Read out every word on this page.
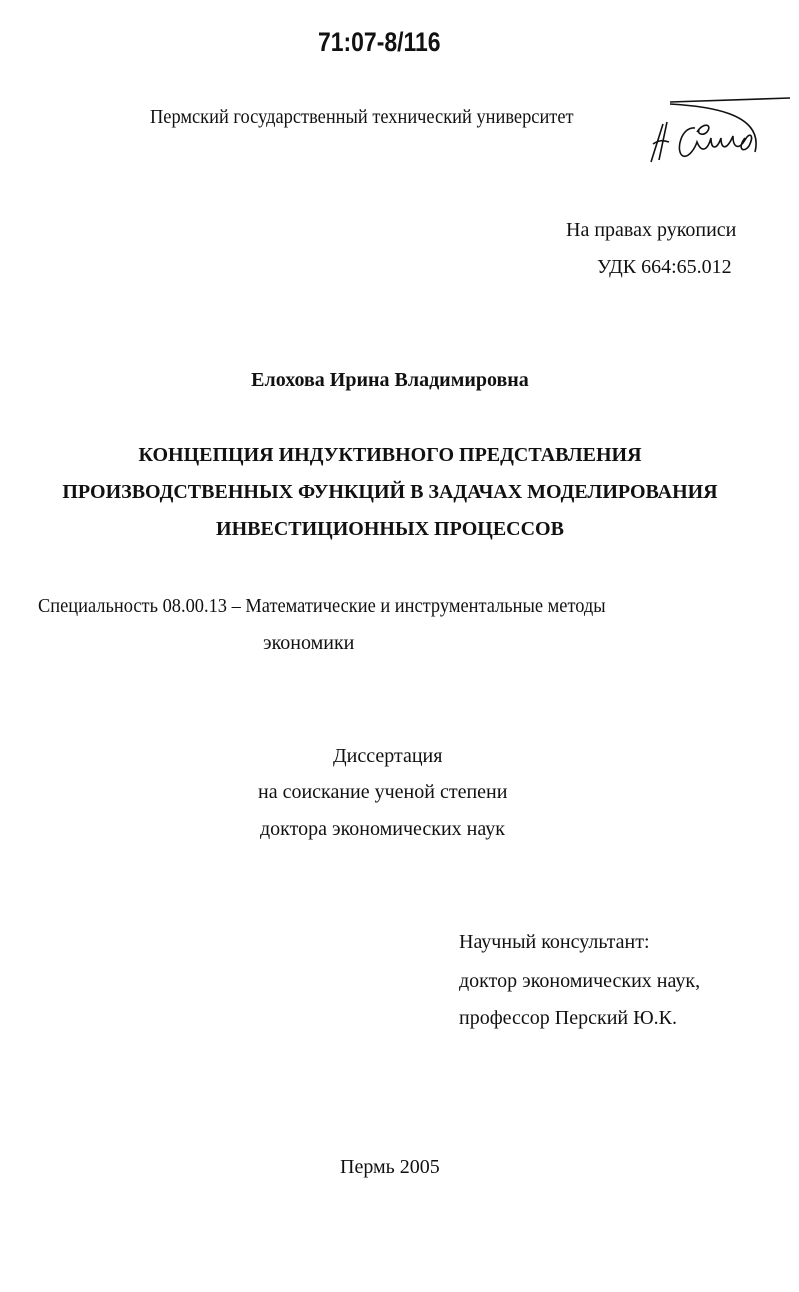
71:07-8/116
Пермский государственный технический университет
На правах рукописи
УДК 664:65.012
Елохова Ирина Владимировна
КОНЦЕПЦИЯ ИНДУКТИВНОГО ПРЕДСТАВЛЕНИЯ
ПРОИЗВОДСТВЕННЫХ ФУНКЦИЙ В ЗАДАЧАХ МОДЕЛИРОВАНИЯ
ИНВЕСТИЦИОННЫХ ПРОЦЕССОВ
Специальность 08.00.13 – Математические и инструментальные методы
экономики
Диссертация
на соискание ученой степени
доктора экономических наук
Научный консультант:
доктор экономических наук,
профессор Перский Ю.К.
Пермь 2005
